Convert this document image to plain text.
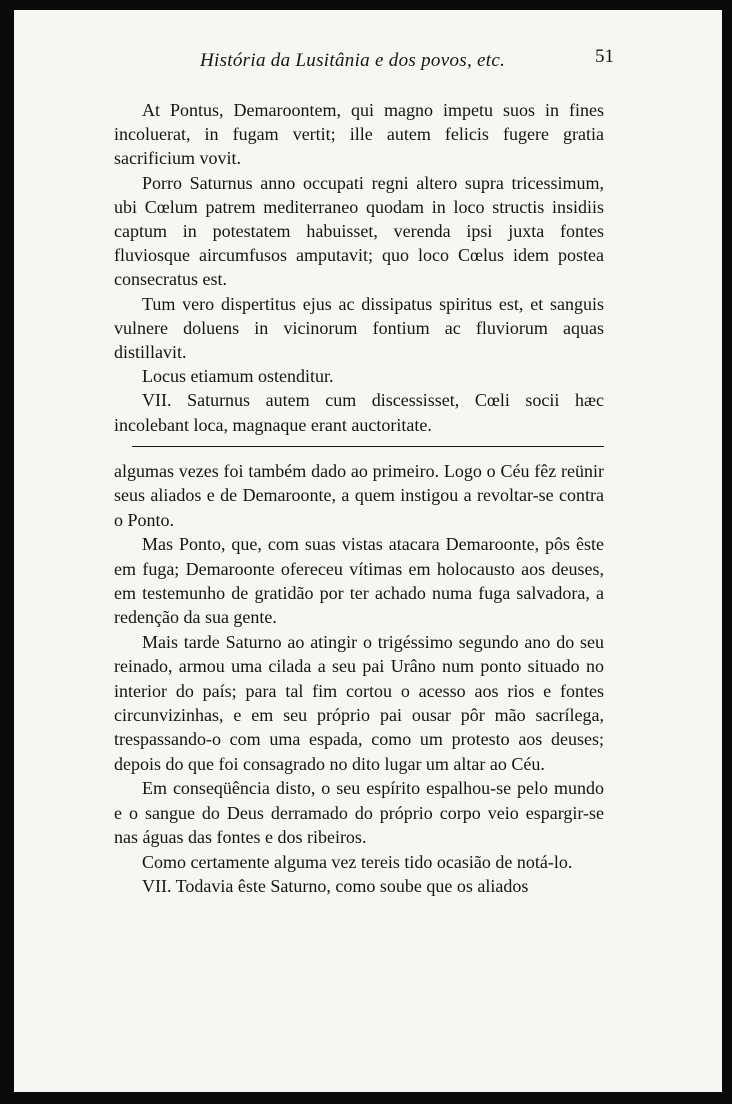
História da Lusitânia e dos povos, etc.	51

At Pontus, Demaroontem, qui magno impetu suos in fines incoluerat, in fugam vertit; ille autem felicis fugere gratia sacrificium vovit.

Porro Saturnus anno occupati regni altero supra tricessimum, ubi Cœlum patrem mediterraneo quodam in loco structis insidiis captum in potestatem habuisset, verenda ipsi juxta fontes fluviosque aircumfusos amputavit; quo loco Cœlus idem postea consecratus est.

Tum vero dispertitus ejus ac dissipatus spiritus est, et sanguis vulnere doluens in vicinorum fontium ac fluviorum aquas distillavit.

Locus etiamum ostenditur.

VII. Saturnus autem cum discessisset, Cœli socii hæc incolebant loca, magnaque erant auctoritate.

algumas vezes foi também dado ao primeiro. Logo o Céu fêz reünir seus aliados e de Demaroonte, a quem instigou a revoltar-se contra o Ponto.

Mas Ponto, que, com suas vistas atacara Demaroonte, pôs êste em fuga; Demaroonte ofereceu vítimas em holocausto aos deuses, em testemunho de gratidão por ter achado numa fuga salvadora, a redenção da sua gente.

Mais tarde Saturno ao atingir o trigéssimo segundo ano do seu reinado, armou uma cilada a seu pai Urâno num ponto situado no interior do país; para tal fim cortou o acesso aos rios e fontes circunvizinhas, e em seu próprio pai ousar pôr mão sacrílega, trespassando-o com uma espada, como um protesto aos deuses; depois do que foi consagrado no dito lugar um altar ao Céu.

Em conseqüência disto, o seu espírito espalhou-se pelo mundo e o sangue do Deus derramado do próprio corpo veio espargir-se nas águas das fontes e dos ribeiros.

Como certamente alguma vez tereis tido ocasião de notá-lo.

VII. Todavia êste Saturno, como soube que os aliados
